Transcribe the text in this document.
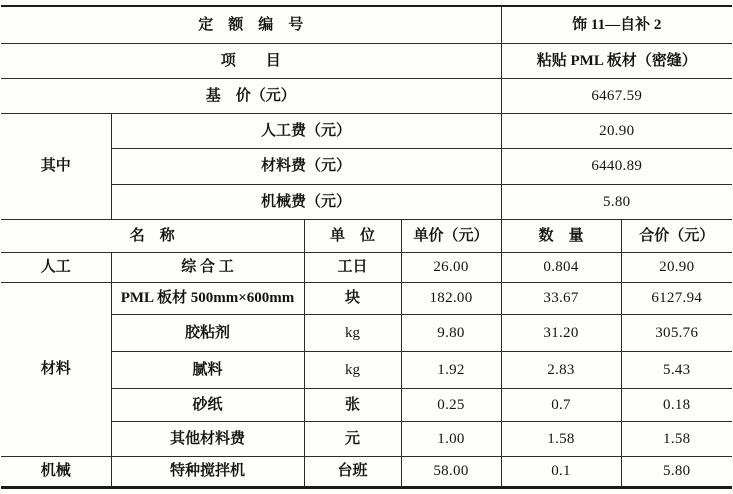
定　额　编　号				饰 11—自补 2	
项　　目				粘贴 PML 板材（密缝）	
基　价（元）				6467.59	
其中	人工费（元）			20.90	
	材料费（元）			6440.89	
	机械费（元）			5.80	
名　称		单　位	单价（元）	数　量	合价（元）
人工	综 合 工	工日	26.00	0.804	20.90
材料	PML 板材 500mm×600mm	块	182.00	33.67	6127.94
	胶粘剂	kg	9.80	31.20	305.76
	腻料	kg	1.92	2.83	5.43
	砂纸	张	0.25	0.7	0.18
	其他材料费	元	1.00	1.58	1.58
机械	特种搅拌机	台班	58.00	0.1	5.80
